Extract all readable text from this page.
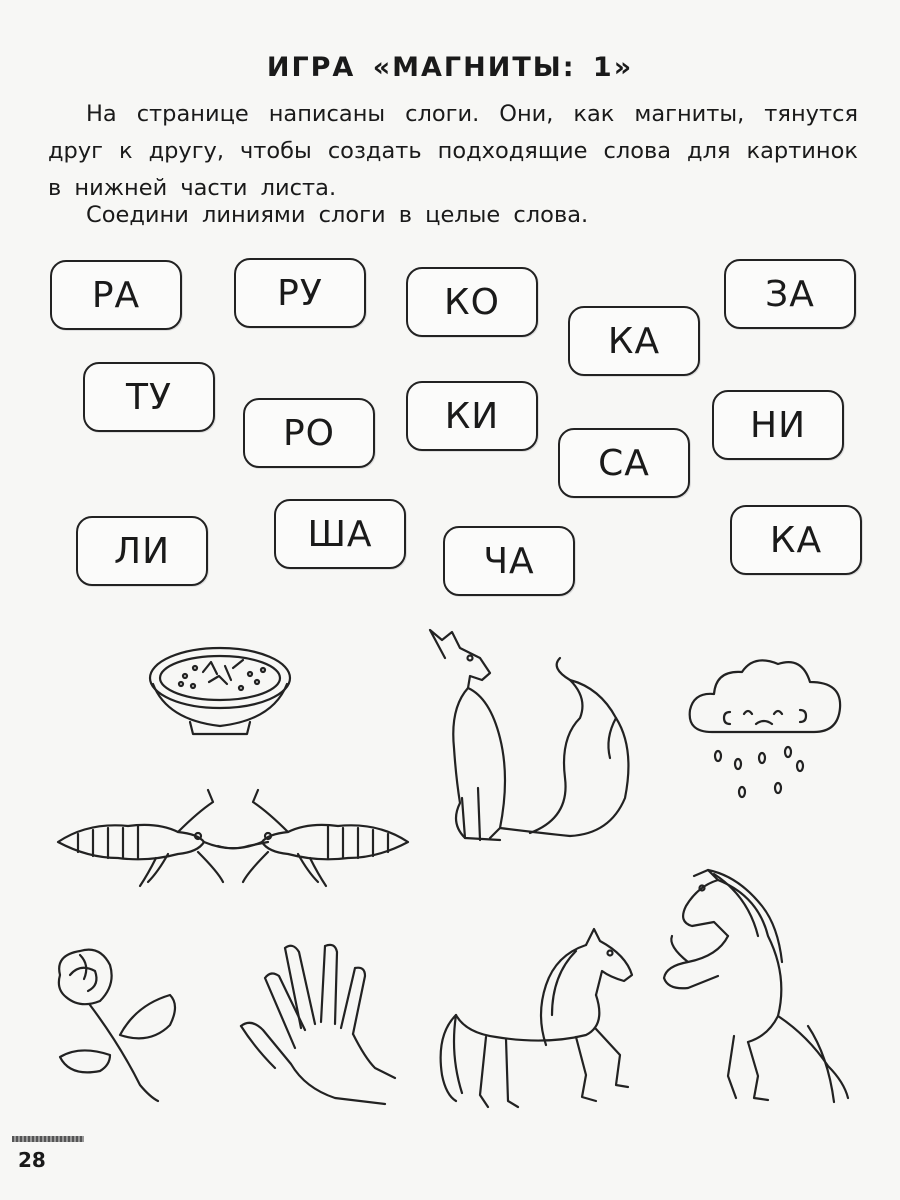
ИГРА «МАГНИТЫ: 1»
На странице написаны слоги. Они, как магниты, тянутся друг к другу, чтобы создать подходящие слова для картинок в нижней части листа.
Соедини линиями слоги в целые слова.
РА	РУ	КО
КА
ЗА
ТУ
РО	КИ
СА
НИ
ЛИ	ША
ЧА
КА
28
